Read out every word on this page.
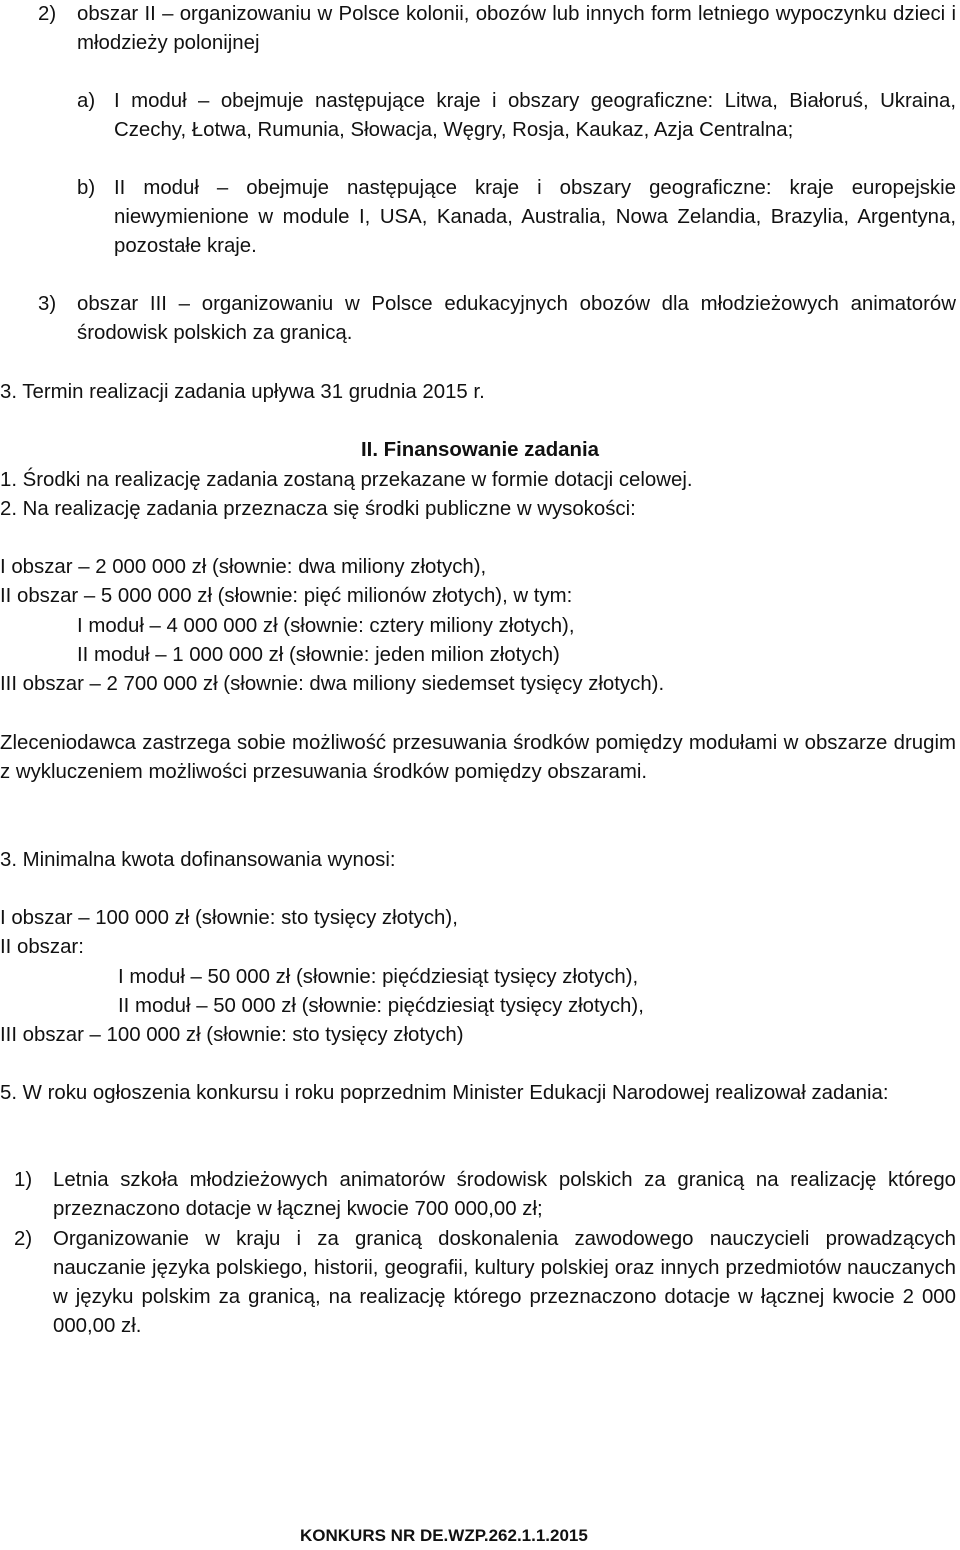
2) obszar II – organizowaniu w Polsce kolonii, obozów lub innych form letniego wypoczynku dzieci i młodzieży polonijnej
a) I moduł – obejmuje następujące kraje i obszary geograficzne: Litwa, Białoruś, Ukraina, Czechy, Łotwa, Rumunia, Słowacja, Węgry, Rosja, Kaukaz, Azja Centralna;
b) II moduł – obejmuje następujące kraje i obszary geograficzne: kraje europejskie niewymienione w module I, USA, Kanada, Australia, Nowa Zelandia, Brazylia, Argentyna, pozostałe kraje.
3) obszar III – organizowaniu w Polsce edukacyjnych obozów dla młodzieżowych animatorów środowisk polskich za granicą.
3. Termin realizacji zadania upływa 31 grudnia 2015 r.
II. Finansowanie zadania
1. Środki na realizację zadania zostaną przekazane w formie dotacji celowej.
2. Na realizację zadania przeznacza się środki publiczne w wysokości:
I obszar – 2 000 000 zł (słownie: dwa miliony złotych),
II obszar – 5 000 000 zł (słownie: pięć milionów złotych), w tym:
I moduł – 4 000 000 zł (słownie: cztery miliony złotych),
II moduł – 1 000 000 zł (słownie: jeden milion złotych)
III obszar – 2 700 000 zł (słownie: dwa miliony siedemset tysięcy złotych).
Zleceniodawca zastrzega sobie możliwość przesuwania środków pomiędzy modułami w obszarze drugim z wykluczeniem możliwości przesuwania środków pomiędzy obszarami.
3. Minimalna kwota dofinansowania wynosi:
I obszar – 100 000 zł (słownie: sto tysięcy złotych),
II obszar:
I moduł – 50 000 zł (słownie: pięćdziesiąt tysięcy złotych),
II moduł – 50 000 zł (słownie: pięćdziesiąt tysięcy złotych),
III obszar – 100 000 zł (słownie: sto tysięcy złotych)
5. W roku ogłoszenia konkursu i roku poprzednim Minister Edukacji Narodowej realizował zadania:
1) Letnia szkoła młodzieżowych animatorów środowisk polskich za granicą na realizację którego przeznaczono dotacje w łącznej kwocie 700 000,00 zł;
2) Organizowanie w kraju i za granicą doskonalenia zawodowego nauczycieli prowadzących nauczanie języka polskiego, historii, geografii, kultury polskiej oraz innych przedmiotów nauczanych w języku polskim za granicą, na realizację którego przeznaczono dotacje w łącznej kwocie 2 000 000,00 zł.
KONKURS NR DE.WZP.262.1.1.2015
